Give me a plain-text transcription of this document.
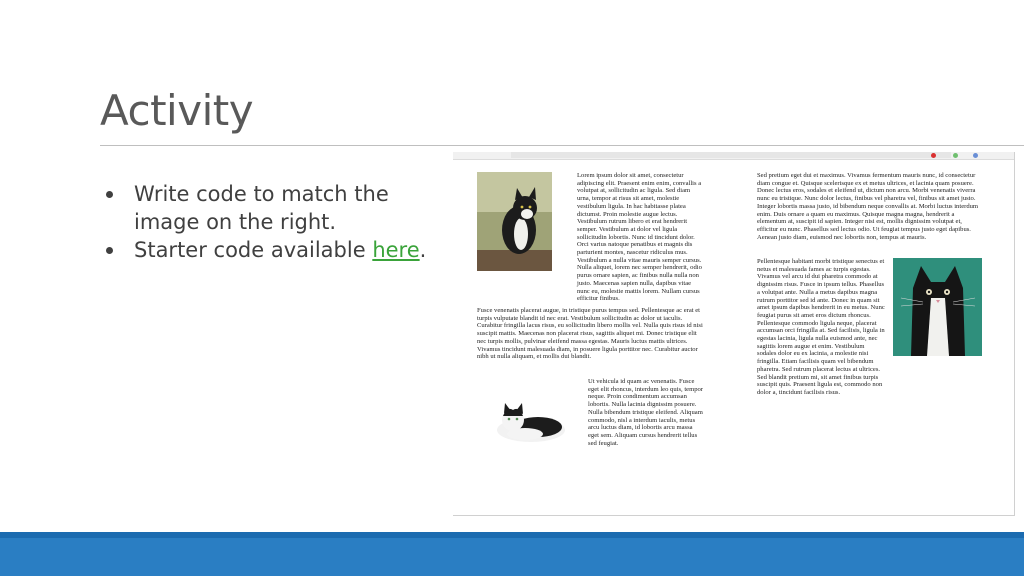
Activity
Write code to match the image on the right.
Starter code available here.

Lorem ipsum dolor sit amet, consectetur adipiscing elit. Praesent enim enim, convallis a volutpat at, sollicitudin ac ligula. Sed diam urna, tempor at risus sit amet, molestie vestibulum ligula. In hac habitasse platea dictumst. Proin molestie augue lectus. Vestibulum rutrum libero et erat hendrerit semper. Vestibulum at dolor vel ligula sollicitudin lobortis. Nunc id tincidunt dolor. Orci varius natoque penatibus et magnis dis parturient montes, nascetur ridiculus mus. Vestibulum a nulla vitae mauris semper cursus. Nulla aliquet, lorem nec semper hendrerit, odio purus ornare sapien, ac finibus nulla nulla non justo. Maecenas sapien nulla, dapibus vitae nunc eu, molestie mattis lorem. Nullam cursus efficitur finibus.

Fusce venenatis placerat augue, in tristique purus tempus sed. Pellentesque ac erat et turpis vulputate blandit id nec erat. Vestibulum sollicitudin ac dolor ut iaculis. Curabitur fringilla lacus risus, eu sollicitudin libero mollis vel. Nulla quis risus id nisi suscipit mattis. Maecenas non placerat risus, sagittis aliquet mi. Donec tristique elit nec turpis mollis, pulvinar eleifend massa egestas. Mauris luctus mattis ultrices. Vivamus tincidunt malesuada diam, in posuere ligula porttitor nec. Curabitur auctor nibh ut nulla aliquam, et mollis dui blandit.

Ut vehicula id quam ac venenatis. Fusce eget elit rhoncus, interdum leo quis, tempor neque. Proin condimentum accumsan lobortis. Nulla lacinia dignissim posuere. Nulla bibendum tristique eleifend. Aliquam commodo, nisl a interdum iaculis, metus arcu luctus diam, id lobortis arcu massa eget sem. Aliquam cursus hendrerit tellus sed feugiat.

Sed pretium eget dui et maximus. Vivamus fermentum mauris nunc, id consectetur diam congue et. Quisque scelerisque ex et metus ultrices, et lacinia quam posuere. Donec lectus eros, sodales et eleifend ut, dictum non arcu. Morbi venenatis viverra nunc eu tristique. Nunc dolor lectus, finibus vel pharetra vel, finibus sit amet justo. Integer lobortis massa justo, id bibendum neque convallis at. Morbi luctus interdum enim. Duis ornare a quam eu maximus. Quisque magna magna, hendrerit a elementum at, suscipit id sapien. Integer nisi est, mollis dignissim volutpat et, efficitur eu nunc. Phasellus sed lectus odio. Ut feugiat tempus justo eget dapibus. Aenean justo diam, euismod nec lobortis non, tempus at mauris.

Pellentesque habitant morbi tristique senectus et netus et malesuada fames ac turpis egestas. Vivamus vel arcu id dui pharetra commodo at dignissim risus. Fusce in ipsum tellus. Phasellus a volutpat ante. Nulla a metus dapibus magna rutrum porttitor sed id ante. Donec in quam sit amet ipsum dapibus hendrerit in eu metus. Nunc feugiat purus sit amet eros dictum rhoncus. Pellentesque commodo ligula neque, placerat accumsan orci fringilla at. Sed facilisis, ligula in egestas lacinia, ligula nulla euismod ante, nec sagittis lorem augue et enim. Vestibulum sodales dolor eu ex lacinia, a molestie nisi fringilla. Etiam facilisis quam vel bibendum pharetra. Sed rutrum placerat lectus at ultrices. Sed blandit pretium mi, sit amet finibus turpis suscipit quis. Praesent ligula est, commodo non dolor a, tincidunt facilisis risus.
